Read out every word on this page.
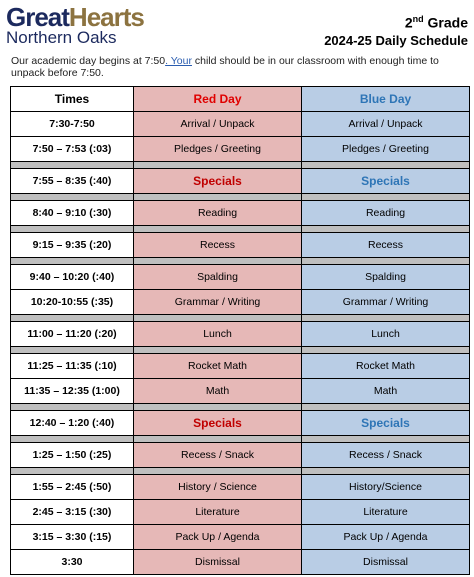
GreatHearts
Northern Oaks
2nd Grade
2024-25 Daily Schedule
Our academic day begins at 7:50. Your child should be in our classroom with enough time to unpack before 7:50.
Times	Red Day	Blue Day
7:30-7:50	Arrival / Unpack	Arrival / Unpack
7:50 – 7:53 (:03)	Pledges / Greeting	Pledges / Greeting

7:55 – 8:35 (:40)	Specials	Specials

8:40 – 9:10 (:30)	Reading	Reading

9:15 – 9:35 (:20)	Recess	Recess

9:40 – 10:20 (:40)	Spalding	Spalding
10:20-10:55 (:35)	Grammar / Writing	Grammar / Writing

11:00 – 11:20 (:20)	Lunch	Lunch

11:25 – 11:35 (:10)	Rocket Math	Rocket Math
11:35 – 12:35 (1:00)	Math	Math

12:40 – 1:20 (:40)	Specials	Specials

1:25 – 1:50 (:25)	Recess / Snack	Recess / Snack

1:55 – 2:45 (:50)	History / Science	History/Science
2:45 – 3:15 (:30)	Literature	Literature
3:15 – 3:30 (:15)	Pack Up / Agenda	Pack Up / Agenda
3:30	Dismissal	Dismissal
